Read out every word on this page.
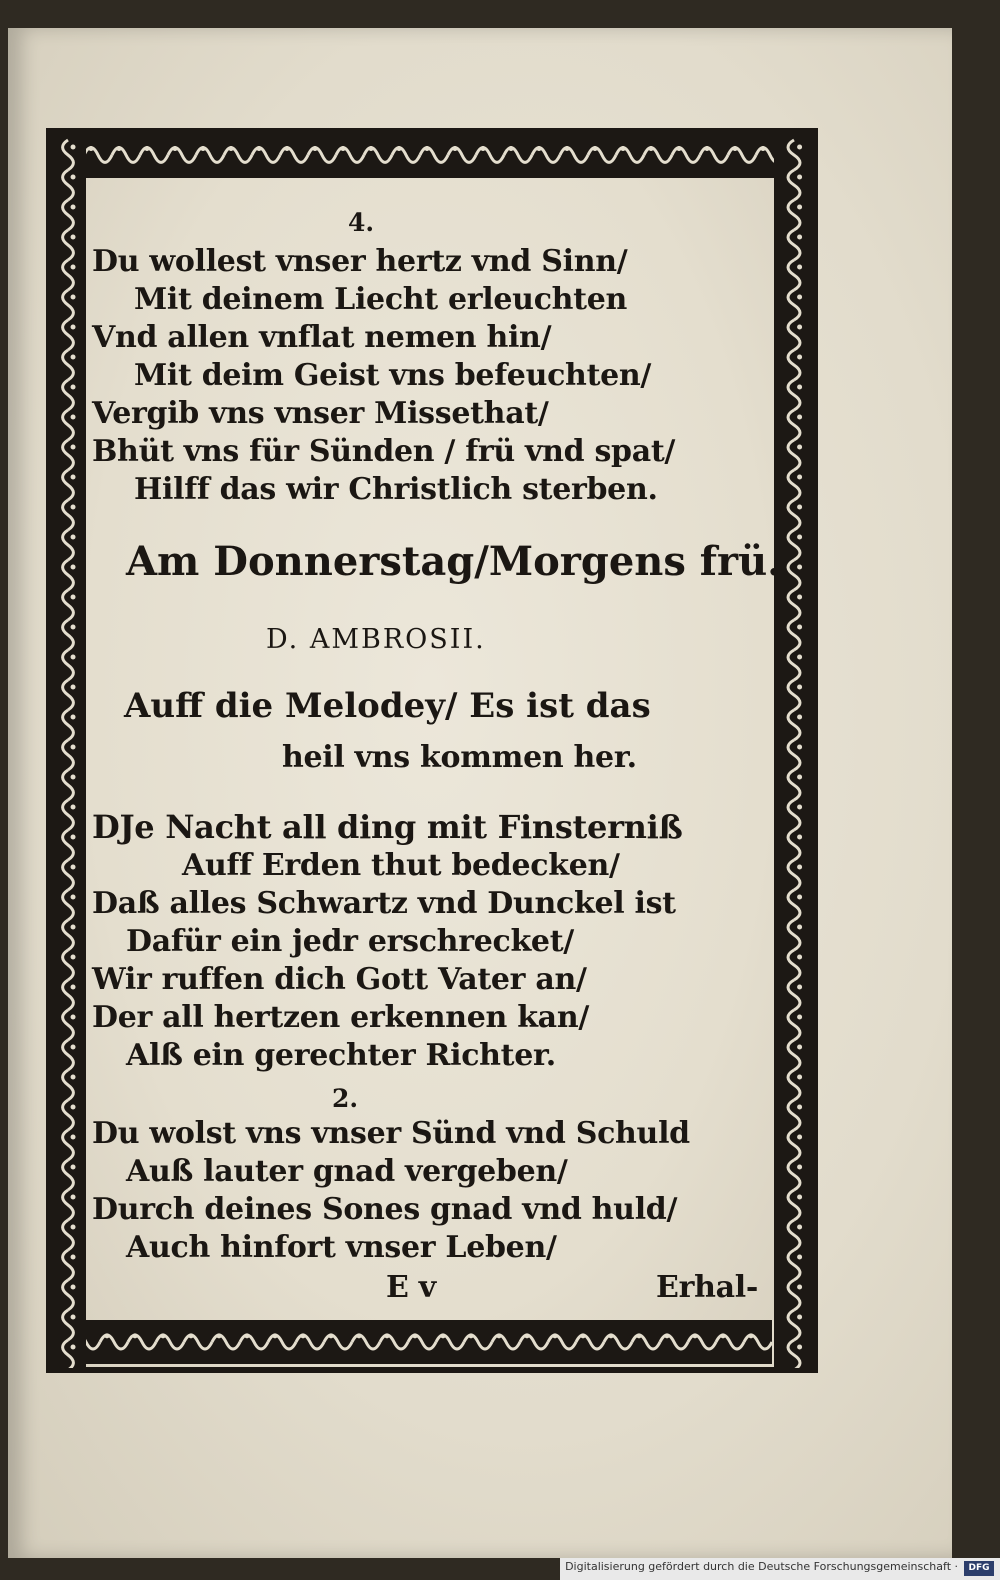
4.
Du wollest vnser hertz vnd Sinn/
Mit deinem Liecht erleuchten
Vnd allen vnflat nemen hin/
Mit deim Geist vns befeuchten/
Vergib vns vnser Missethat/
Bhüt vns für Sünden / frü vnd spat/
Hilff das wir Christlich sterben.
Am Donnerstag/Morgens frü.
D. AMBROSII.
Auff die Melodey/ Es ist das
heil vns kommen her.
DJe Nacht all ding mit Finsterniß
Auff Erden thut bedecken/
Daß alles Schwartz vnd Dunckel ist
Dafür ein jedr erschrecket/
Wir ruffen dich Gott Vater an/
Der all hertzen erkennen kan/
Alß ein gerechter Richter.
2.
Du wolst vns vnser Sünd vnd Schuld
Auß lauter gnad vergeben/
Durch deines Sones gnad vnd huld/
Auch hinfort vnser Leben/
E v	Erhal-
Digitalisierung gefördert durch die Deutsche Forschungsgemeinschaft ·	DFG
